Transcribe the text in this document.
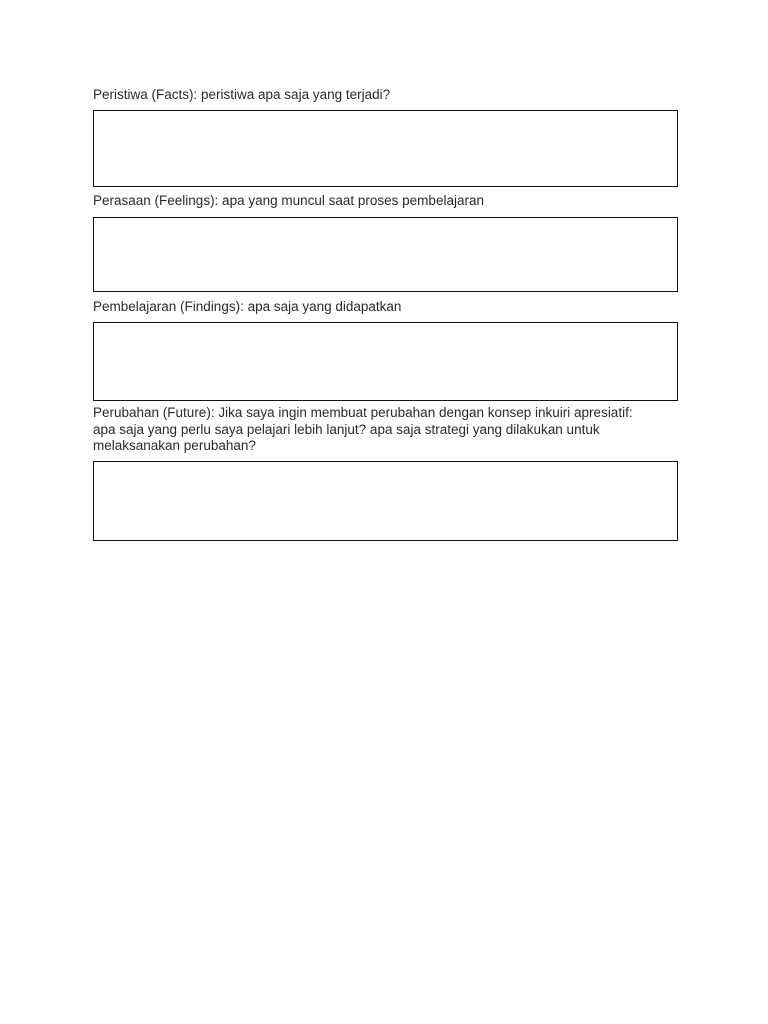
Peristiwa (Facts): peristiwa apa saja yang terjadi?

Perasaan (Feelings): apa yang muncul saat proses pembelajaran

Pembelajaran (Findings): apa saja yang didapatkan

Perubahan (Future): Jika saya ingin membuat perubahan dengan konsep inkuiri apresiatif:

apa saja yang perlu saya pelajari lebih lanjut? apa saja strategi yang dilakukan untuk

melaksanakan perubahan?
